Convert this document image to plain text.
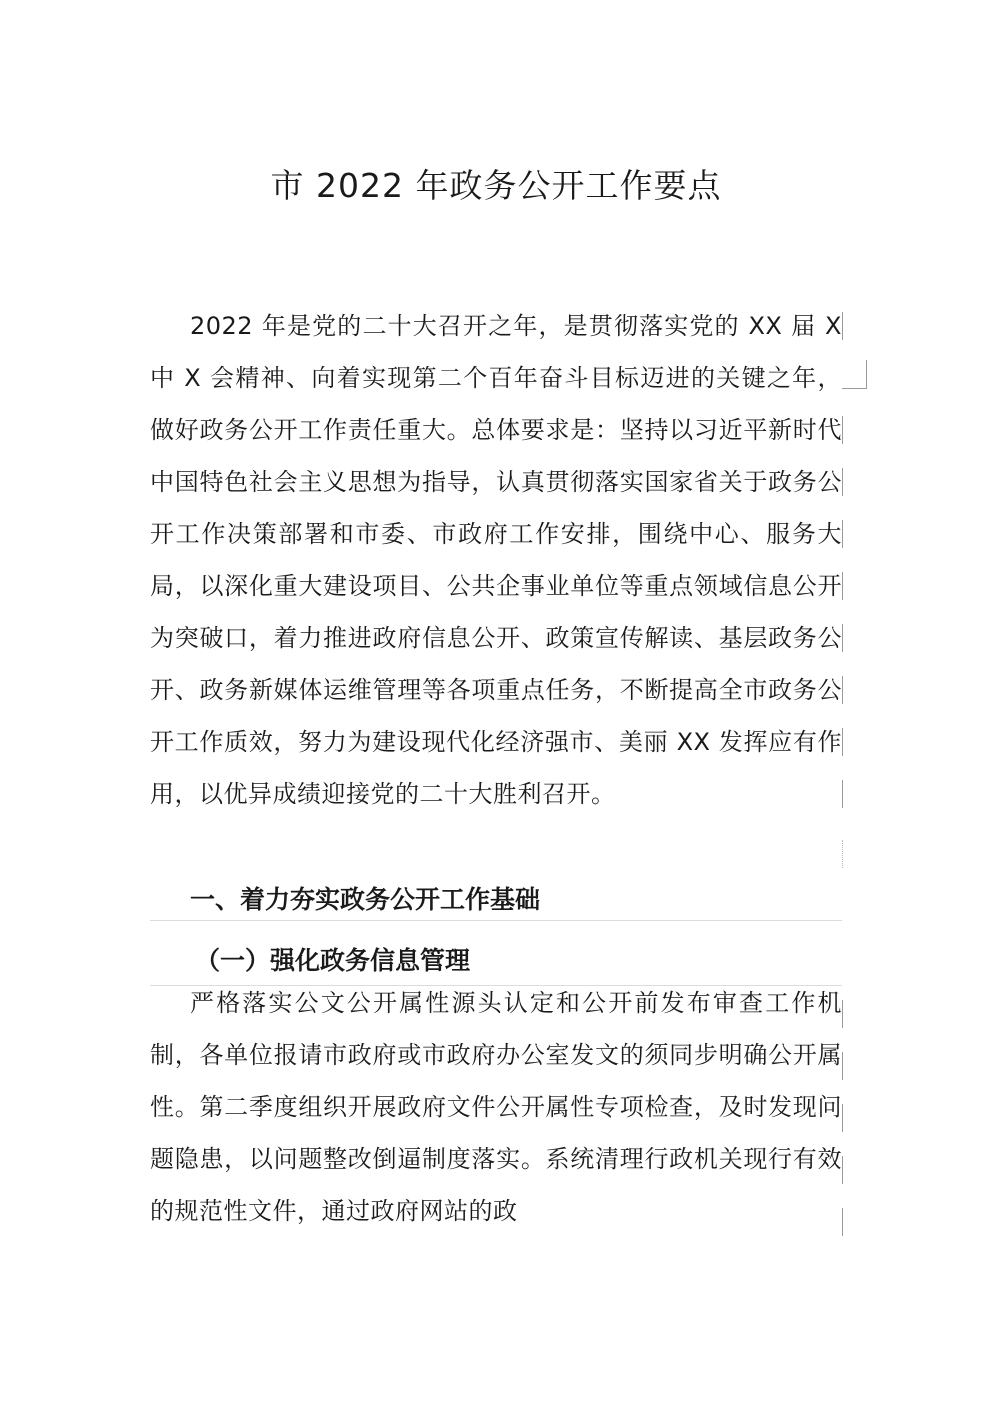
市 2022 年政务公开工作要点
2022 年是党的二十大召开之年，是贯彻落实党的 XX 届 X 中 X 会精神、向着实现第二个百年奋斗目标迈进的关键之年，做好政务公开工作责任重大。总体要求是：坚持以习近平新时代中国特色社会主义思想为指导，认真贯彻落实国家省关于政务公开工作决策部署和市委、市政府工作安排，围绕中心、服务大局，以深化重大建设项目、公共企事业单位等重点领域信息公开为突破口，着力推进政府信息公开、政策宣传解读、基层政务公开、政务新媒体运维管理等各项重点任务，不断提高全市政务公开工作质效，努力为建设现代化经济强市、美丽 XX 发挥应有作用，以优异成绩迎接党的二十大胜利召开。
一、着力夯实政务公开工作基础
（一）强化政务信息管理
严格落实公文公开属性源头认定和公开前发布审查工作机制，各单位报请市政府或市政府办公室发文的须同步明确公开属性。第二季度组织开展政府文件公开属性专项检查，及时发现问题隐患，以问题整改倒逼制度落实。系统清理行政机关现行有效的规范性文件，通过政府网站的政
